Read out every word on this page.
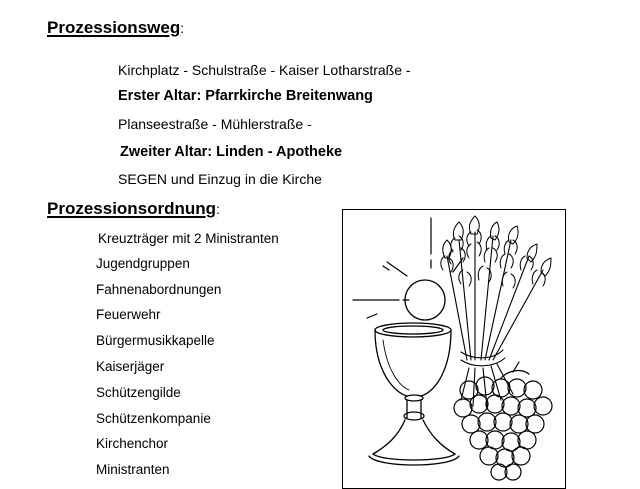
Prozessionsweg:
Kirchplatz - Schulstraße - Kaiser Lotharstraße -
Erster Altar: Pfarrkirche Breitenwang
Planseestraße - Mühlerstraße -
Zweiter Altar: Linden - Apotheke
SEGEN und Einzug in die Kirche
Prozessionsordnung:
Kreuzträger mit 2 Ministranten
Jugendgruppen
Fahnenabordnungen
Feuerwehr
Bürgermusikkapelle
Kaiserjäger
Schützengilde
Schützenkompanie
Kirchenchor
Ministranten
